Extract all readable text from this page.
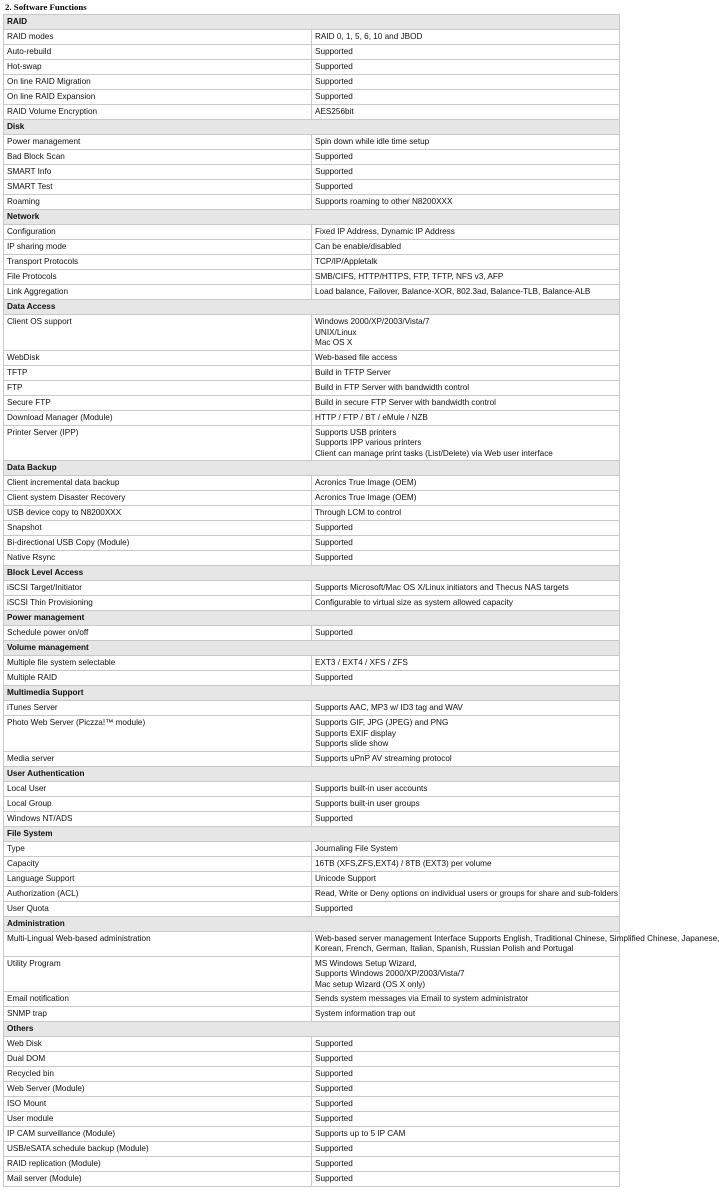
2. Software Functions
RAID	
RAID modes	RAID 0, 1, 5, 6, 10 and JBOD

Auto-rebuild	Supported

Hot-swap	Supported

On line RAID Migration	Supported

On line RAID Expansion	Supported

RAID Volume Encryption	AES256bit

Disk	
Power management	Spin down while idle time setup

Bad Block Scan	Supported

SMART Info	Supported

SMART Test	Supported

Roaming	Supports roaming to other N8200XXX

Network	
Configuration	Fixed IP Address, Dynamic IP Address

IP sharing mode	Can be enable/disabled

Transport Protocols	TCP/IP/Appletalk

File Protocols	SMB/CIFS, HTTP/HTTPS, FTP, TFTP, NFS v3, AFP

Link Aggregation	Load balance, Failover, Balance-XOR, 802.3ad, Balance-TLB, Balance-ALB

Data Access	
Client OS support	Windows 2000/XP/2003/Vista/7
UNIX/Linux
Mac OS X

WebDisk	Web-based file access

TFTP	Build in TFTP Server

FTP	Build in FTP Server with bandwidth control

Secure FTP	Build in secure FTP Server with bandwidth control

Download Manager (Module)	HTTP / FTP / BT / eMule / NZB

Printer Server (IPP)	Supports USB printers
Supports IPP various printers
Client can manage print tasks (List/Delete) via Web user interface

Data Backup	
Client incremental data backup	Acronics True Image (OEM)

Client system Disaster Recovery	Acronics True Image (OEM)

USB device copy to N8200XXX	Through LCM to control

Snapshot	Supported

Bi-directional USB Copy (Module)	Supported

Native Rsync	Supported

Block Level Access	
iSCSI Target/Initiator	Supports Microsoft/Mac OS X/Linux initiators and Thecus NAS targets

iSCSI Thin Provisioning	Configurable to virtual size as system allowed capacity

Power management	
Schedule power on/off	Supported

Volume management	
Multiple file system selectable	EXT3 / EXT4 / XFS / ZFS

Multiple RAID	Supported

Multimedia Support	
iTunes Server	Supports AAC, MP3 w/ ID3 tag and WAV

Photo Web Server (Piczza!™ module)	Supports GIF, JPG (JPEG) and PNG
Supports EXIF display
Supports slide show

Media server	Supports uPnP AV streaming protocol

User Authentication	
Local User	Supports built-in user accounts

Local Group	Supports built-in user groups

Windows NT/ADS	Supported

File System	
Type	Journaling File System

Capacity	16TB (XFS,ZFS,EXT4) / 8TB (EXT3) per volume

Language Support	Unicode Support

Authorization (ACL)	Read, Write or Deny options on individual users or groups for share and sub-folders

User Quota	Supported

Administration	
Multi-Lingual Web-based administration	Web-based server management Interface Supports English, Traditional Chinese, Simplified Chinese, Japanese,
Korean, French, German, Italian, Spanish, Russian Polish and Portugal

Utility Program	MS Windows Setup Wizard,
Supports Windows 2000/XP/2003/Vista/7
Mac setup Wizard (OS X only)

Email notification	Sends system messages via Email to system administrator

SNMP trap	System information trap out

Others	
Web Disk	Supported

Dual DOM	Supported

Recycled bin	Supported

Web Server (Module)	Supported

ISO Mount	Supported

User module	Supported

IP CAM surveillance (Module)	Supports up to 5 IP CAM

USB/eSATA schedule backup (Module)	Supported

RAID replication (Module)	Supported

Mail server (Module)	Supported
